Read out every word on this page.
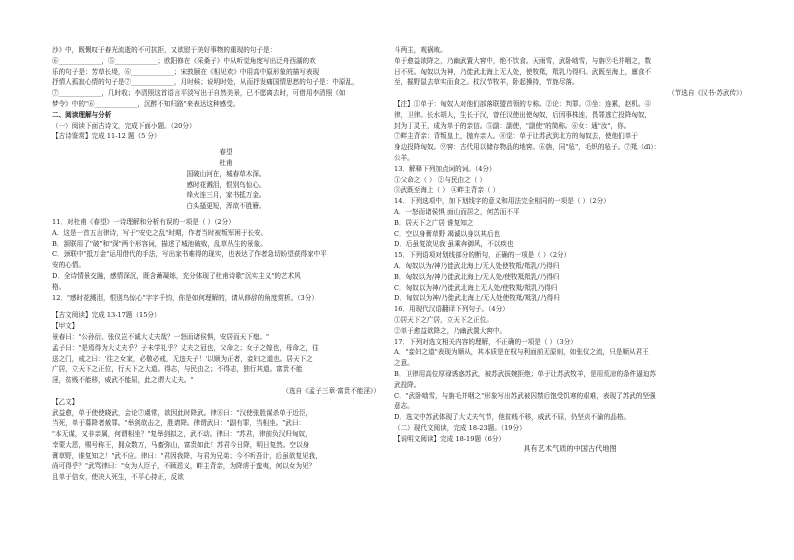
沙》中，既慨叹于春光流逝的不可抗拒，又欲慰于美好事物的重现的句子是：
⑥_____________，⑤_____________；欧阳修在《采桑子》中从听觉角度写出泛舟西湖的欢
乐的句子是：芳草长堤，⑥_____________；宋敦颐在《相见欢》中用高中原形象的描写表现
抒情人孤寂心情的句子是⑦_____________，月时候；说明时处，从而抒发痛国情思愁的句子是：中原乱，
⑦_____________，几时收；李清照这首语言平淡写出于自然美景，已不愿离去时，可借用李清照《如
梦令》中的"⑥_____________，沉醉不知归路"来表达这种感受。
二、阅读理解与分析
（一）阅读下面古诗文，完成下面小题。（20分）
【古诗鉴赏】完成 11-12 题（5 分）
春望
杜甫
国破山河在，城春草木深。
感时花溅泪，恨别鸟惊心。
烽火连三月，家书抵万金。
白头搔更短，浑欲不胜簪。
11．对杜甫《春望》一诗理解和分析有误的一项是（ ）（2分）
A．这是一首五言律诗，写于"安史之乱"时期，作者当时被叛军困于长安。
B．颔联用了"破"和"深"两个形容词，描述了城池破败，乱草丛生的景象。
C．颈联中"抵万金"运用借代的手法，写出家书难得的现实，也表达了作者急切盼望获得家中平
安的心情。
D．全诗情景交融，感情深沉，既含蓄凝练，充分体现了杜甫诗歌"沉实主义"的艺术风
格。
12．"感时花溅泪，恨别鸟惊心"字字千钧，你是如何理解的，请从修辞的角度赏析。（3分）
【古文阅读】完成 13-17题（15分）
【甲文】
景春曰："公孙衍、张仪岂不诚大丈夫哉？一怒而诸侯惧，安居而天下熄。"
孟子曰："是焉得为大丈夫乎？子未学礼乎？丈夫之冠也，父命之；女子之嫁也，母命之，往
送之门，戒之曰：'往之女家，必敬必戒，无违夫子！'以顺为正者，妾妇之道也。居天下之
广居，立天下之正位，行天下之大道。得志，与民由之；不得志，独行其道。富贵不能
淫，贫贱不能移，威武不能屈，此之谓大丈夫。"
（选自《孟子三章·富贵不能淫》）
【乙文】
武益愈，单于使使晓武，会论⑦虞常，欲因此时降武。律⑧曰："汉使张胜谋杀单于近臣，
当死，单于募降者赦罪。"举剑欲击之，胜请降。律谓武曰："副有罪，当相坐。"武曰：
"本无谋，又非亲属，何谓相坐？"复举剑拟之，武不动。律曰："苏君，律前负汉归匈奴，
幸蒙大恩，赐号称王，拥众数万，马畜弥山，富贵如此！苏君今日降，明日复然。空以身
膏草野，谁复知之！"武不应。律曰："君因我降，与君为兄弟；今不听吾计，后虽欲复见我，
尚可得乎？"武骂律曰："女为人臣子，不顾恩义，畔主背亲，为降虏于蛮夷，何以女为见？
且单于信女，使决人死生，不平心持正，反欲
斗两主，观祸败。
单于愈益欲降之，乃幽武置大窖中，绝不饮食。天雨雪，武卧啮雪，与旃⑨毛并咽之，数
日不死。匈奴以为神，乃徙武北海上无人处，使牧羝，羝乳乃得归。武既至海上，廪食不
至，掘野鼠去草实而食之。杖汉节牧羊，卧起操持，节旄尽落。
（节选自《汉书·苏武传》）
【注】①单于：匈奴人对他们部落联盟首领的专称。②论：判罪。③坐：连累，赵机。④
律，卫律。长水胡人，生长于汉，曾任汉使出使匈奴，后因事株连，畏罪逃亡投降匈奴，
封为丁灵王，成为单于的亲信。⑤副：副使，"副使"的简称。⑥女：通"汝"，你。
⑦畔主背亲：背叛皇上，抛弃亲人。⑧觉：单于让苏武到北方的匈奴去，使他们单于
身边投降匈奴。⑨窖：古代用以储存物品的地窖。⑥旃，同"毡"，毛织的毡子。⑦羝（dī）：
公羊。
13．解释下列加点词的词。（4分）
①父命之（ ） ②与民由之（ ）
③武既至海上（ ） ④畔主背亲（ ）
14．下列选项中，加下划线字的意义和用法完全相同的一项是（ ）（2分）
A．一怒而诸侯惧 面山而居之，何苦而不平
B．居天下之广居 谁复知之
C．空以身膏草野 竭诚以身以其后也
D．后虽复欲见我 虽乘奔御风，不以疾也
15．下列语项对划线部分的断句，正确的一项是（ ）（2分）
A．匈奴以为/神乃徙武北海上/无人处使牧羝/羝乳/乃得归
B．匈奴以为/神乃徙武北海上/无人处/使牧羝羝乳/乃得归
C．匈奴以为神/乃徙武北海上无人处/使牧羝/羝乳乃得归
D．匈奴以为神/乃徙武北海上/无人处使牧羝/羝乳/乃得归
16．用现代汉语翻译下列句子。（4分）
①居天下之广居，立天下之正位。
②单于愈益欲降之，乃幽武置大窖中。
17．下列对选文相关内容的理解，不正确的一项是（ ）（3分）
A．"妾妇之道"表现为顺从，其本质是在权与利面前无原则，如张仪之流，只是顺从君王
之意。
B．卫律用高位厚禄诱惑苏武，被苏武拔婉拒绝；单于让苏武牧羊，是用荒凉的条件逼迫苏
武投降。
C．"武卧啮雪，与旃毛并咽之"形象写出苏武被囚禁后饱受饥寒的艰难，表现了苏武的坚强
意志。
D．选文中苏武体现了大丈夫气节，他贫贱不移，威武不屈，仍坚贞不渝的品格。
（二）现代文阅读，完成 18-23题。（19分）
【说明文阅读】完成 18-19题（6分）
具有艺术气质的中国古代地图
